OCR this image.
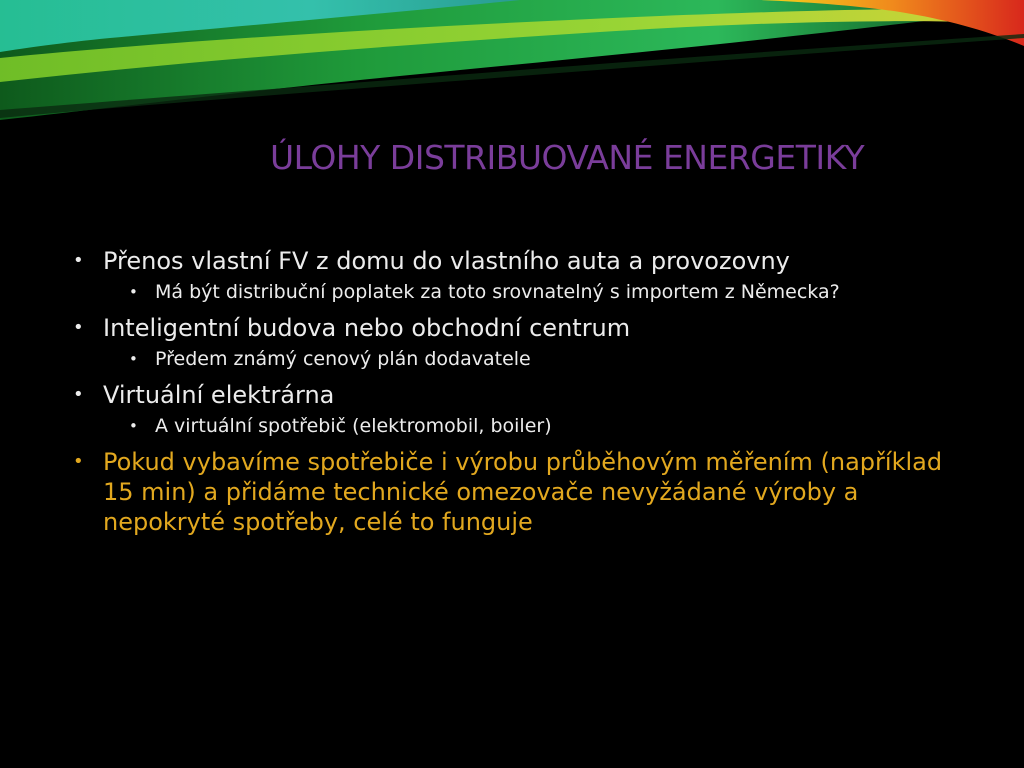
ÚLOHY DISTRIBUOVANÉ ENERGETIKY
• Přenos vlastní FV z domu do vlastního auta a provozovny
• Má být distribuční poplatek za toto srovnatelný s importem z Německa?
• Inteligentní budova nebo obchodní centrum
• Předem známý cenový plán dodavatele
• Virtuální elektrárna
• A virtuální spotřebič (elektromobil, boiler)
• Pokud vybavíme spotřebiče i výrobu průběhovým měřením (například 15 min) a přidáme technické omezovače nevyžádané výroby a nepokryté spotřeby, celé to funguje
